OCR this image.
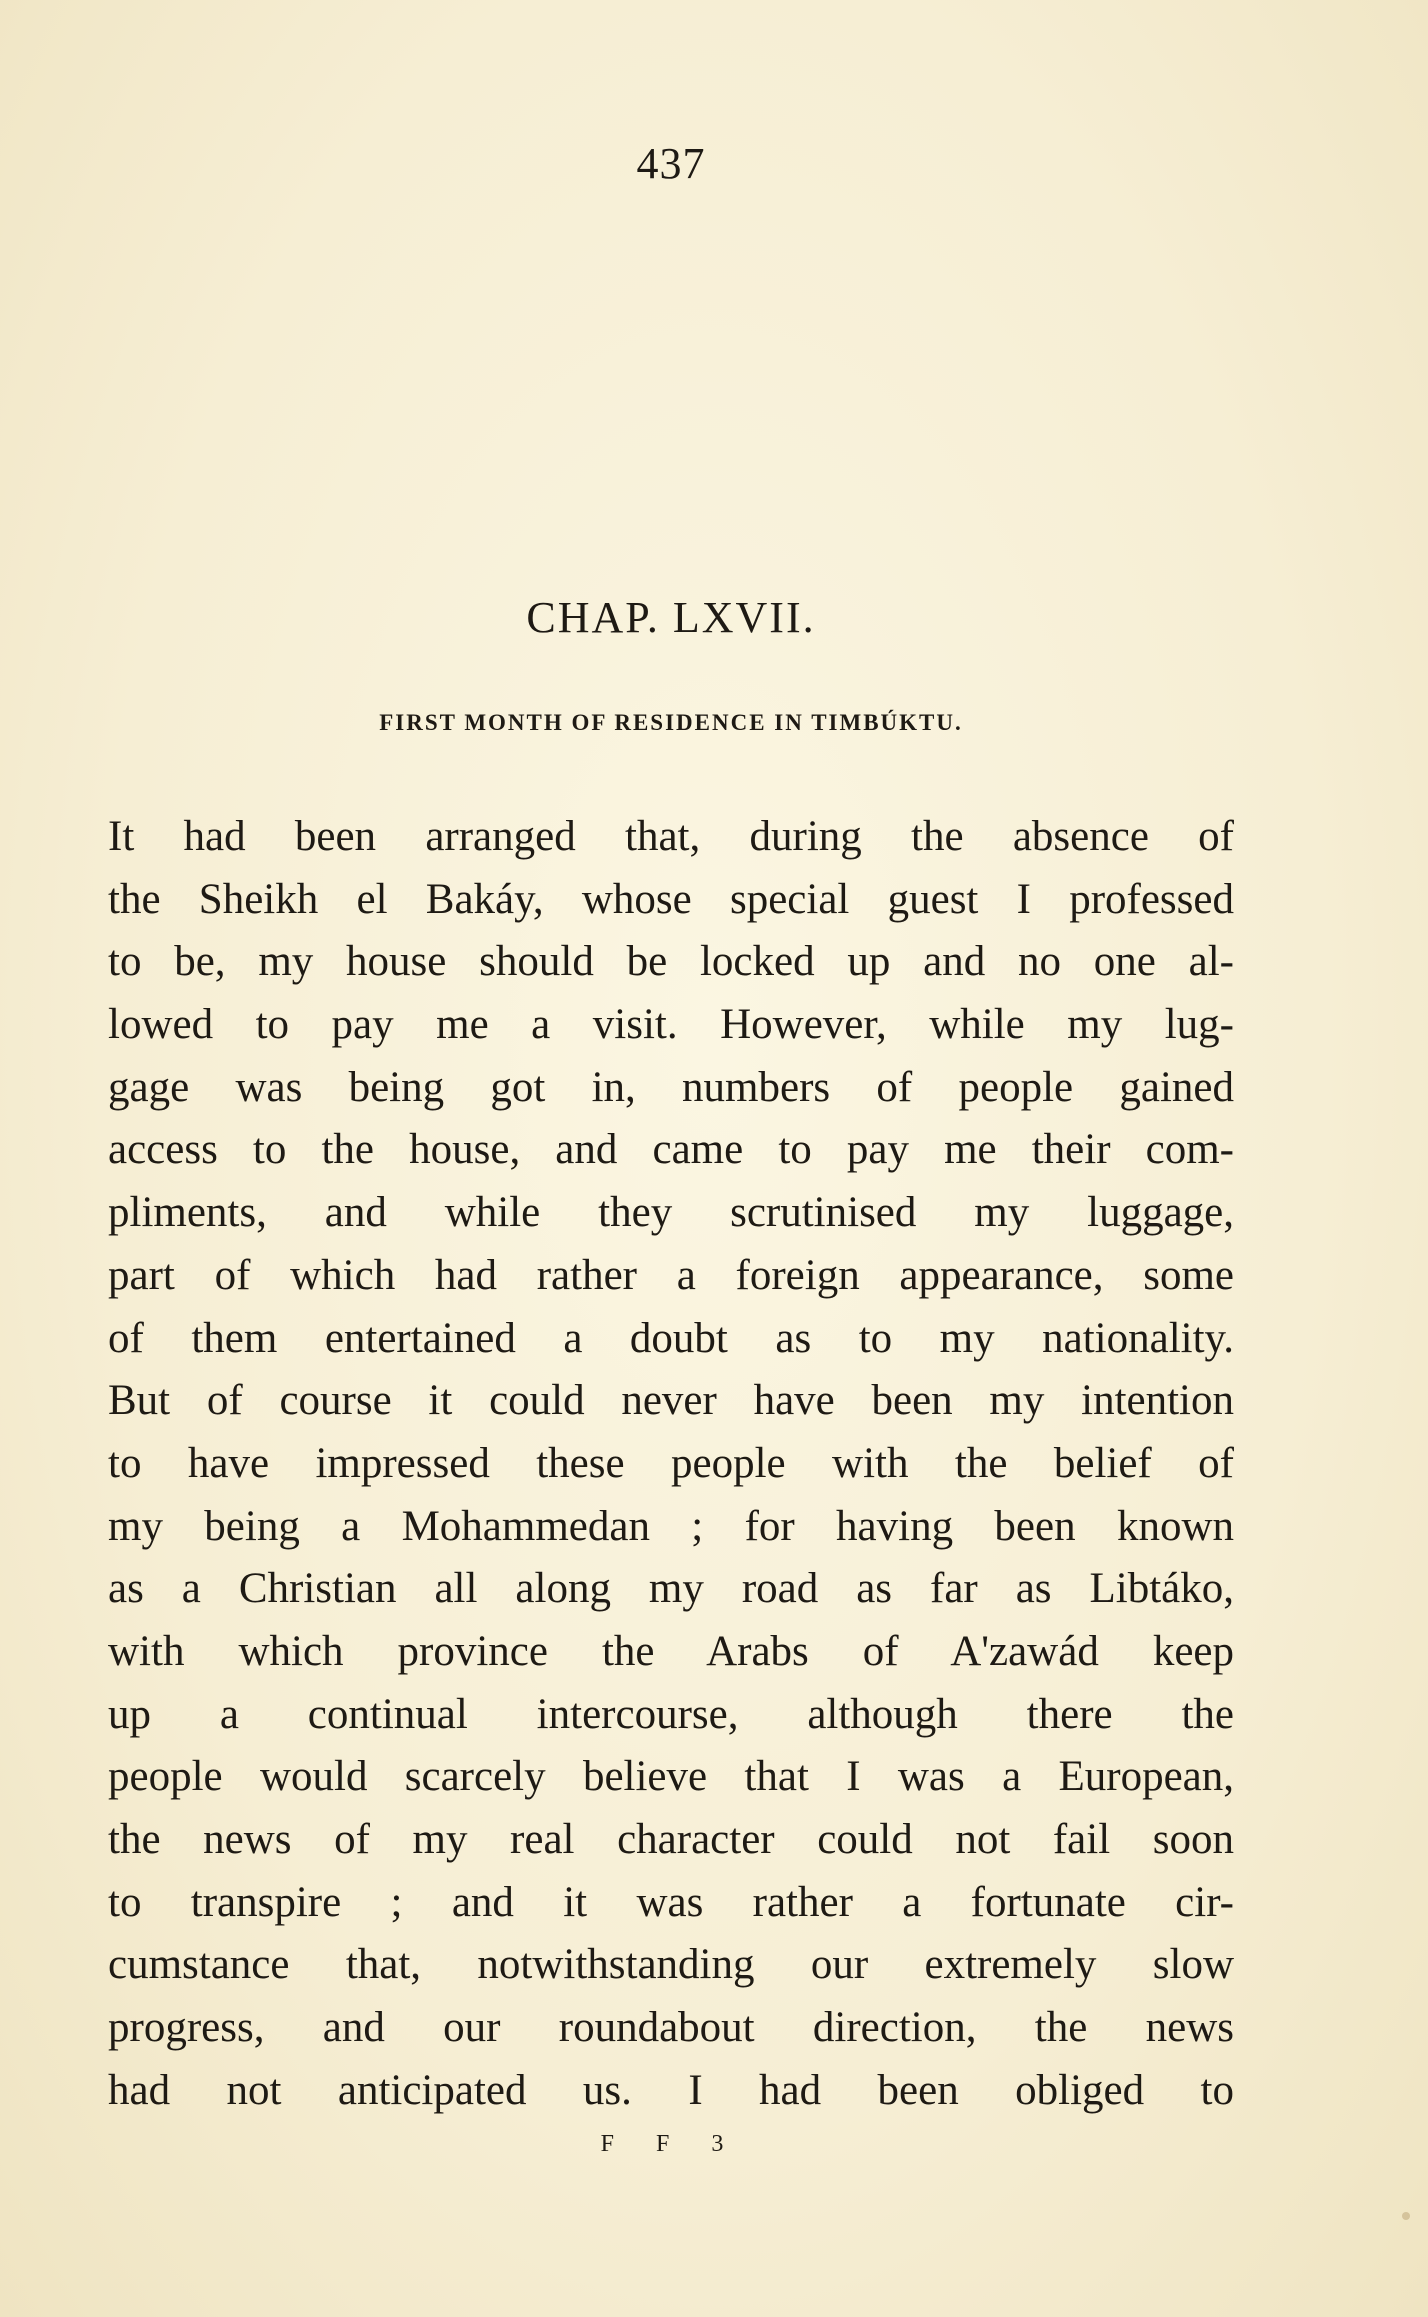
437
CHAP. LXVII.
FIRST MONTH OF RESIDENCE IN TIMBÚKTU.
It had been arranged that, during the absence of
the Sheikh el Bakáy, whose special guest I professed
to be, my house should be locked up and no one al-
lowed to pay me a visit. However, while my lug-
gage was being got in, numbers of people gained
access to the house, and came to pay me their com-
pliments, and while they scrutinised my luggage,
part of which had rather a foreign appearance, some
of them entertained a doubt as to my nationality.
But of course it could never have been my intention
to have impressed these people with the belief of
my being a Mohammedan ; for having been known
as a Christian all along my road as far as Libtáko,
with which province the Arabs of A'zawád keep
up a continual intercourse, although there the
people would scarcely believe that I was a European,
the news of my real character could not fail soon
to transpire ; and it was rather a fortunate cir-
cumstance that, notwithstanding our extremely slow
progress, and our roundabout direction, the news
had not anticipated us. I had been obliged to
F F 3
